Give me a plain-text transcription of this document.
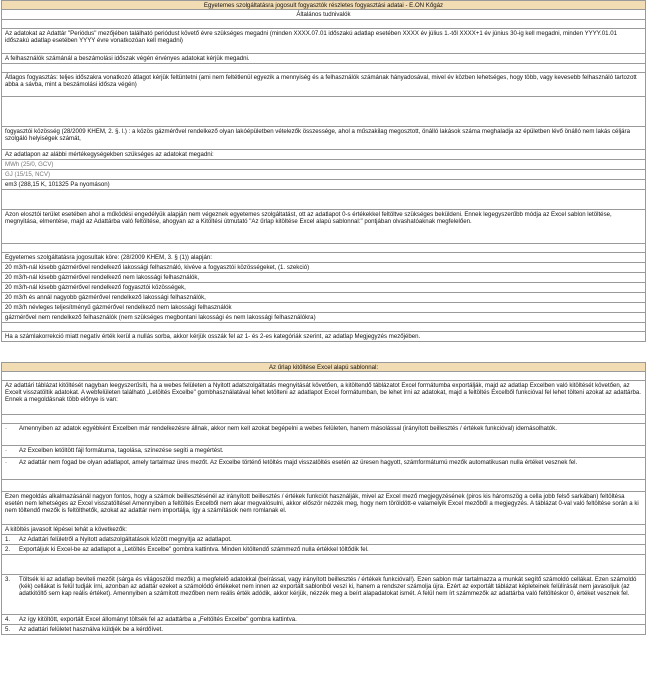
Egyetemes szolgáltatásra jogosult fogyasztók részletes fogyasztási adatai - E.ON Kőgáz
Általános tudnivalók
Az adatokat az Adattár "Periódus" mezőjében található periódust követő évre szükséges megadni (minden XXXX.07.01 időszakú adatlap esetében XXXX év július 1.-től XXXX+1 év június 30-ig kell megadni, minden YYYY.01.01 időszakú adatlap esetében YYYY évre vonatkozóan kell megadni)
A felhasználók számánál a beszámolási időszak végén érvényes adatokat kérjük megadni.
Átlagos fogyasztás: teljes időszakra vonatkozó átlagot kérjük feltüntetni (ami nem feltétlenül egyezik a mennyiség és a felhasználók számának hányadosával, mivel év közben lehetséges, hogy több, vagy kevesebb felhasználó tartozott abba a sávba, mint a beszámolási idősza végén)
fogyasztói közösség (28/2009 KHEM, 2. §. l.) : a közös gázmérővel rendelkező olyan lakóépületben vételezők összessége, ahol a műszakilag megosztott, önálló lakások száma meghaladja az épületben lévő önálló nem lakás céljára szolgáló helyiségek számát,
Az adatlapon az alábbi mértékegységekben szükséges az adatokat megadni:
MWh (25/0, GCV)
GJ (15/15, NCV)
em3 (288,15 K, 101325 Pa nyomáson)
Azon elosztói terület esetében ahol a működési engedélyük alapján nem végeznek egyetemes szolgáltatást, ott az adatlapot 0-s értékekkel feltöltve szükséges beküldeni. Ennek legegyszerűbb módja az Excel sablon letöltése, megnyitása, elmentése, majd az Adattárba való feltöltése, ahogyan az a Kitöltési útmutató "Az űrlap kitöltése Excel alapú sablonnal:" pontjában olvashatóaknak megfelelően.
Egyetemes szolgáltatásra jogosultak köre: (28/2009 KHEM, 3. § (1)) alapján:
20 m3/h-nál kisebb gázmérővel rendelkező lakossági felhasználó, kivéve a fogyasztói közösségeket, (1. szekció)
20 m3/h-nál kisebb gázmérővel rendelkező nem lakossági felhasználók,
20 m3/h-nál kisebb gázmérővel rendelkező fogyasztói közösségek,
20 m3/h és annál nagyobb gázmérővel rendelkező lakossági felhasználók,
20 m3/h névleges teljesítményű gázmérővel rendelkező nem lakossági felhasználók
gázmérővel nem rendelkező felhasználók (nem szükséges megbontani lakossági és nem lakossági felhasználókra)
Ha a számlakorrekció miatt negatív érték kerül a nullás sorba, akkor kérjük osszák fel az 1- és 2-es kategóriák szerint, az adatlap Megjegyzés mezőjében.
Az űrlap kitöltése Excel alapú sablonnal:
Az adattári táblázat kitöltését nagyban leegyszerűsíti, ha a webes felületen a Nyitott adatszolgáltatás megnyitását követően, a kitöltendő táblázatot Excel formátumba exportálják, majd az adatlap Excelben való kitöltését követően, az Excelt visszatöltik adatokat. A webfelületen található „Letöltés Excelbe" gombhasználatával lehet letölteni az adatlapot Excel formátumban, be lehet írni az adatokat, majd a feltöltés Excelből funkcióval fel lehet tölteni azokat az adattárba. Ennek a megoldásnak több előnye is van:
·	Amennyiben az adatok egyébként Excelben már rendelkezésre állnak, akkor nem kell azokat begépelni a webes felületen, hanem másolással (irányított beillesztés / értékek funkcióval) idemásolhatók.
·	Az Excelben letöltött fájl formátuma, tagolása, színezése segíti a megértést.
·	Az adattár nem fogad be olyan adatlapot, amely tartalmaz üres mezőt. Az Excelbe történő letöltés majd visszatöltés esetén az üresen hagyott, számformátumú mezők automatikusan nulla értéket vesznek fel.
Ezen megoldás alkalmazásánál nagyon fontos, hogy a számok beillesztésénél az irányított beillesztés / értékek funkciót használják, mivel az Excel mező megjegyzésének (piros kis háromszög a cella jobb felső sarkában) feltöltésa esetén nem lehetséges az Excel visszatöltésel Amennyiben a feltöltés Excelből nem akar megvalósulni, akkor először nézzék meg, hogy nem töröldött-e valamelyik Excel mezőből a megjegyzés. A táblázat 0-val való feltöltése során a ki nem töltendő mezők is feltölthetők, azokat az adattár nem importálja, így a számítások nem romlanak el.
A kitöltés javasolt lépései tehát a következők:
1.	Az Adattári felületről a Nyitott adatszolgáltatások között megnyitja az adatlapot.
2.	Exportáljuk ki Excel-be az adatlapot a „Letöltés Excelbe" gombra kattintva. Minden kitöltendő számmező nulla értékkel töltődik fel.
3.	Töltsék ki az adatlap beviteli mezőit (sárga és világoszöld mezők) a megfelelő adatokkal (beírással, vagy irányított beillesztés / értékek funkcióval!). Ezen sablon már tartalmazza a munkát segítő számoldó cellákat. Ezen számoldó (kék) cellákat is felül tudják írni, azonban az adattár ezeket a számolódó értékeket nem innen az exportált sablonból veszi ki, hanem a rendszer számolja újra. Ezért az exportált táblázat képleteinek felülírását nem javasoljuk (az adatkitöltő sem kap reális értéket). Amennyiben a számított mezőben nem reális érték adódik, akkor kérjük, nézzék meg a beírt alapadatokat ismét. A felül nem írt számmezők az adattárba való feltöltéskor 0, értéket vesznek fel.
4.	Az így kitöltött, exportált Excel állományt töltsék fel az adattárba a „Feltöltés Excelbe" gombra kattintva.
5.	Az adattári felületet használva küldjék be a kérdőívet.
